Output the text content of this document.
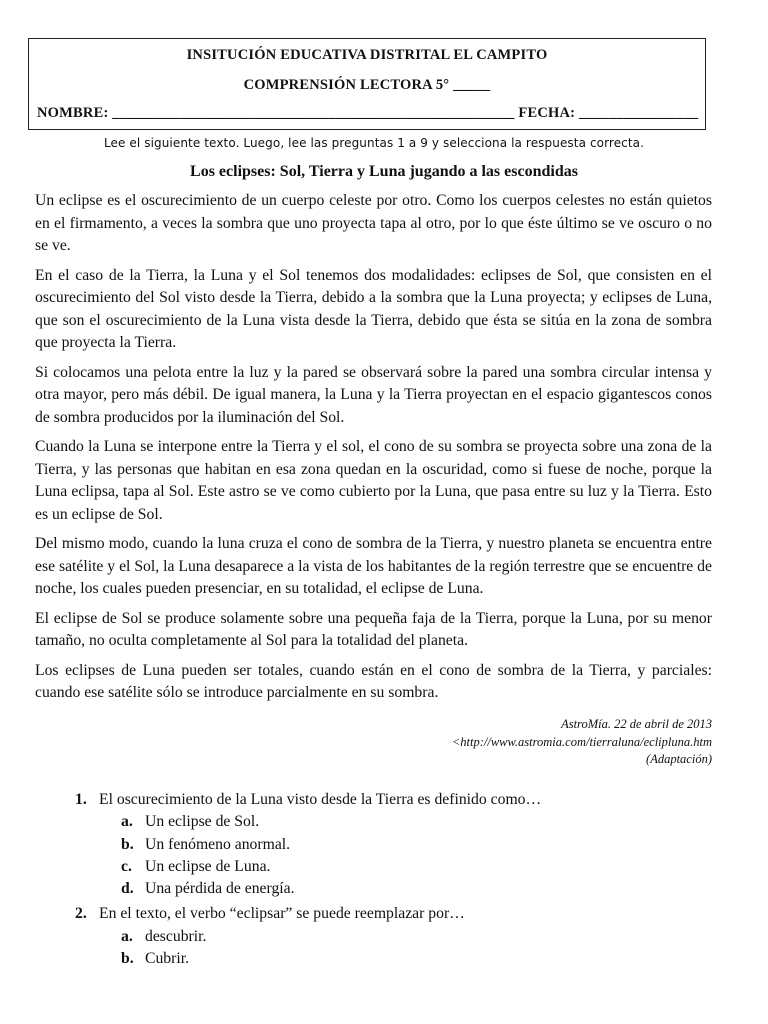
INSITUCIÓN EDUCATIVA DISTRITAL EL CAMPITO
COMPRENSIÓN LECTORA 5° _____
NOMBRE: ______________________________________________________ FECHA: ________________
Lee el siguiente texto. Luego, lee las preguntas 1 a 9 y selecciona la respuesta correcta.
Los eclipses: Sol, Tierra y Luna jugando a las escondidas

Un eclipse es el oscurecimiento de un cuerpo celeste por otro. Como los cuerpos celestes no están quietos en el firmamento, a veces la sombra que uno proyecta tapa al otro, por lo que éste último se ve oscuro o no se ve.

En el caso de la Tierra, la Luna y el Sol tenemos dos modalidades: eclipses de Sol, que consisten en el oscurecimiento del Sol visto desde la Tierra, debido a la sombra que la Luna proyecta; y eclipses de Luna, que son el oscurecimiento de la Luna vista desde la Tierra, debido que ésta se sitúa en la zona de sombra que proyecta la Tierra.

Si colocamos una pelota entre la luz y la pared se observará sobre la pared una sombra circular intensa y otra mayor, pero más débil. De igual manera, la Luna y la Tierra proyectan en el espacio gigantescos conos de sombra producidos por la iluminación del Sol.

Cuando la Luna se interpone entre la Tierra y el sol, el cono de su sombra se proyecta sobre una zona de la Tierra, y las personas que habitan en esa zona quedan en la oscuridad, como si fuese de noche, porque la Luna eclipsa, tapa al Sol. Este astro se ve como cubierto por la Luna, que pasa entre su luz y la Tierra. Esto es un eclipse de Sol.

Del mismo modo, cuando la luna cruza el cono de sombra de la Tierra, y nuestro planeta se encuentra entre ese satélite y el Sol, la Luna desaparece a la vista de los habitantes de la región terrestre que se encuentre de noche, los cuales pueden presenciar, en su totalidad, el eclipse de Luna.

El eclipse de Sol se produce solamente sobre una pequeña faja de la Tierra, porque la Luna, por su menor tamaño, no oculta completamente al Sol para la totalidad del planeta.

Los eclipses de Luna pueden ser totales, cuando están en el cono de sombra de la Tierra, y parciales: cuando ese satélite sólo se introduce parcialmente en su sombra.

AstroMía. 22 de abril de 2013
<http://www.astromia.com/tierraluna/eclipluna.htm
(Adaptación)
1. El oscurecimiento de la Luna visto desde la Tierra es definido como…
a. Un eclipse de Sol.
b. Un fenómeno anormal.
c. Un eclipse de Luna.
d. Una pérdida de energía.
2. En el texto, el verbo “eclipsar” se puede reemplazar por…
a. descubrir.
b. Cubrir.
